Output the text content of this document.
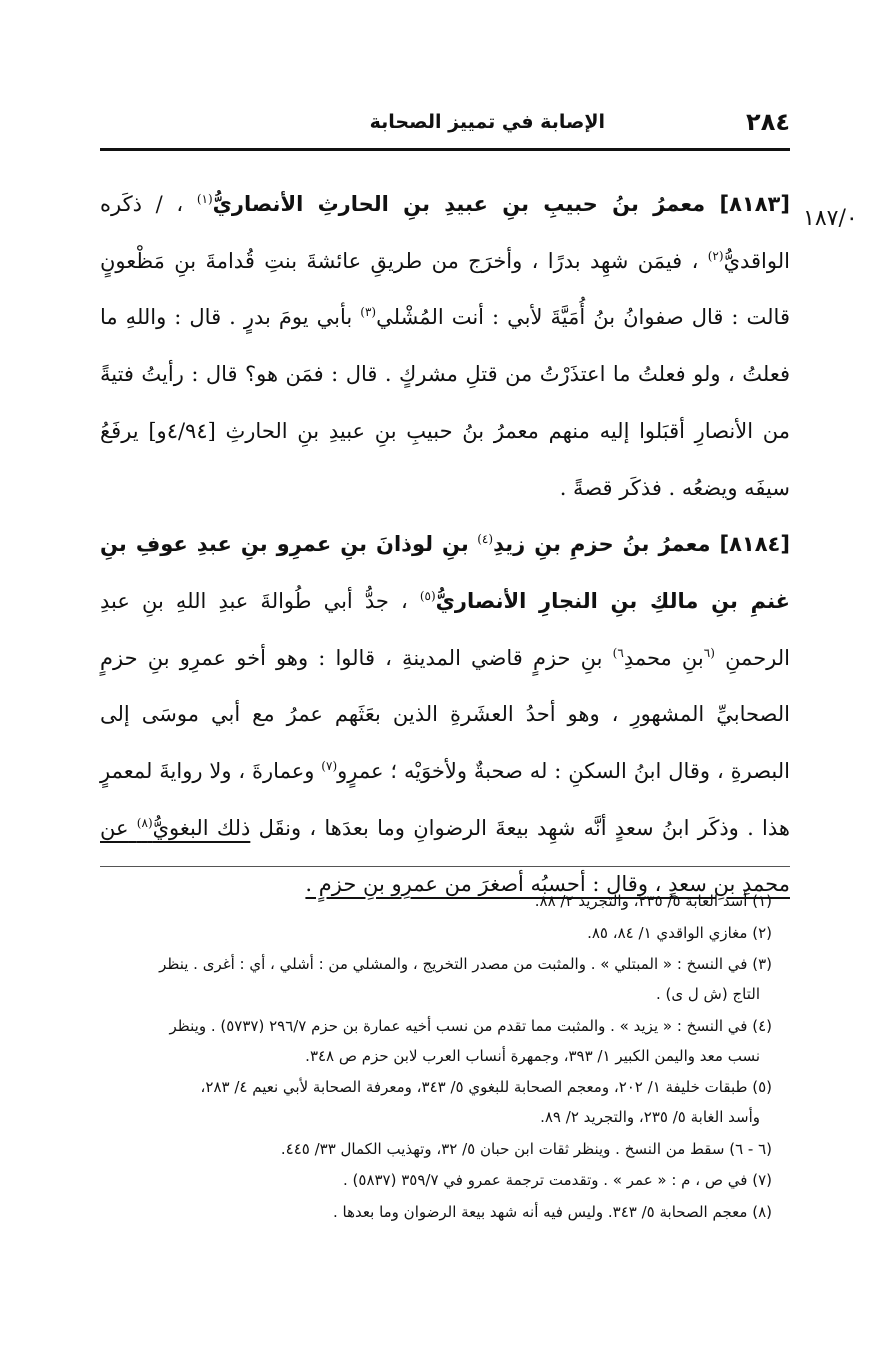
٢٨٤
الإصابة في تمييز الصحابة
١٨٧/٠

[٨١٨٣] معمرُ بنُ حبيبِ بنِ عبيدِ بنِ الحارثِ الأنصاريُّ$^{(١)}$ ، / ذكَره الواقديُّ$^{(٢)}$ ، فيمَن شهِد بدرًا ، وأخرَج من طريقِ عائشةَ بنتِ قُدامةَ بنِ مَظْعونٍ قالت : قال صفوانُ بنُ أُمَيَّةَ لأبي : أنت المُشْلي$^{(٣)}$ بأبي يومَ بدرٍ . قال : واللهِ ما فعلتُ ، ولو فعلتُ ما اعتذَرْتُ من قتلِ مشركٍ . قال : فمَن هو؟ قال : رأيتُ فتيةً من الأنصارِ أقبَلوا إليه منهم معمرُ بنُ حبيبِ بنِ عبيدِ بنِ الحارثِ [٤/٩٤و] يرفَعُ سيفَه ويضعُه . فذكَر قصةً .

[٨١٨٤] معمرُ بنُ حزمِ بنِ زيدِ$^{(٤)}$ بنِ لوذانَ بنِ عمرِو بنِ عبدِ عوفِ بنِ غنمِ بنِ مالكِ بنِ النجارِ الأنصاريُّ$^{(٥)}$ ، جدُّ أبي طُوالةَ عبدِ اللهِ بنِ عبدِ الرحمنِ $^{(٦}$بنِ محمدِ$^{٦)}$ بنِ حزمٍ قاضي المدينةِ ، قالوا : وهو أخو عمرِو بنِ حزمٍ الصحابيِّ المشهورِ ، وهو أحدُ العشَرةِ الذين بعَثَهم عمرُ مع أبي موسَى إلى البصرةِ ، وقال ابنُ السكنِ : له صحبةٌ ولأخوَيْه ؛ عمرٍو$^{(٧)}$ وعمارةَ ، ولا روايةَ لمعمرٍ هذا . وذكَر ابنُ سعدٍ أنَّه شهِد بيعةَ الرضوانِ وما بعدَها ، ونقَل ذلك البغويُّ$^{(٨)}$ عن محمدِ بنِ سعدٍ ، وقال : أحسبُه أصغرَ من عمرِو بنِ حزمٍ .

(١) أسد الغابة ٥/ ٢٣٥، والتجريد ٢/ ٨٨.

(٢) مغازي الواقدي ١/ ٨٤، ٨٥.

(٣) في النسخ : « المبتلي » . والمثبت من مصدر التخريج ، والمشلي من : أشلي ، أي : أغرى . ينظر
التاج (ش ل ى) .

(٤) في النسخ : « يزيد » . والمثبت مما تقدم من نسب أخيه عمارة بن حزم ٢٩٦/٧ (٥٧٣٧) . وينظر
نسب معد واليمن الكبير ١/ ٣٩٣، وجمهرة أنساب العرب لابن حزم ص ٣٤٨.

(٥) طبقات خليفة ١/ ٢٠٢، ومعجم الصحابة للبغوي ٥/ ٣٤٣، ومعرفة الصحابة لأبي نعيم ٤/ ٢٨٣،
وأسد الغابة ٥/ ٢٣٥، والتجريد ٢/ ٨٩.

(٦ - ٦) سقط من النسخ . وينظر ثقات ابن حبان ٥/ ٣٢، وتهذيب الكمال ٣٣/ ٤٤٥.

(٧) في ص ، م : « عمر » . وتقدمت ترجمة عمرو في ٣٥٩/٧ (٥٨٣٧) .

(٨) معجم الصحابة ٥/ ٣٤٣. وليس فيه أنه شهد بيعة الرضوان وما بعدها .
